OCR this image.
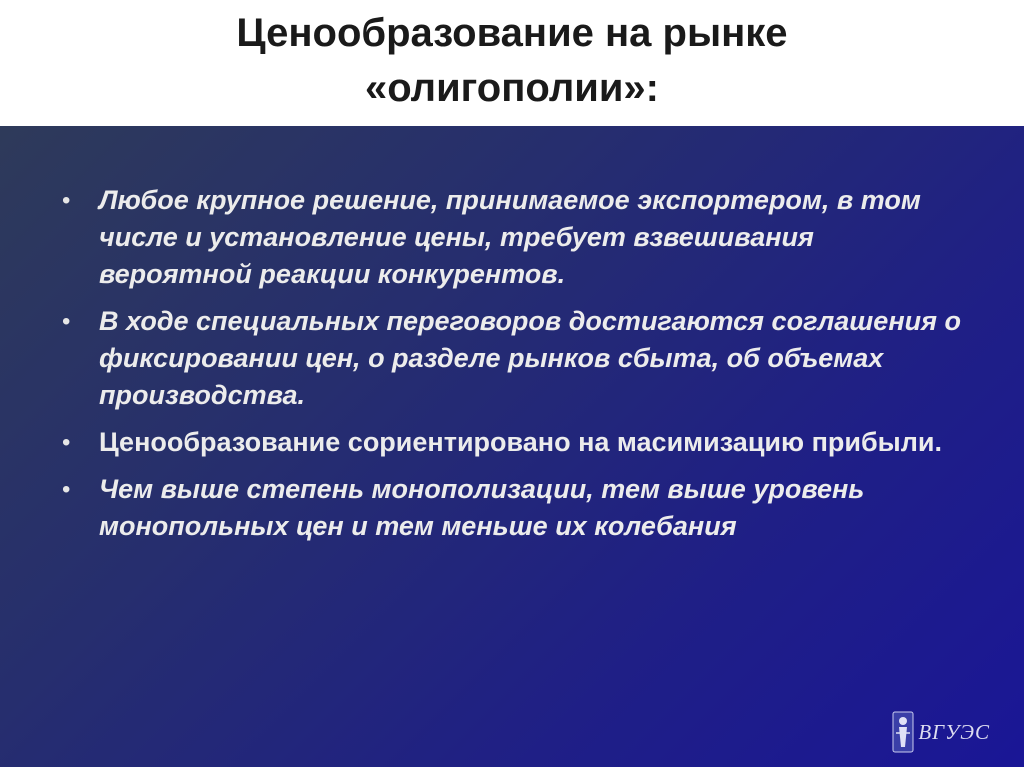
Ценообразование на рынке
«олигополии»:
• Любое крупное решение, принимаемое экспортером, в том числе и установление цены, требует взвешивания вероятной реакции конкурентов.
• В ходе специальных переговоров достигаются соглашения о фиксировании цен, о разделе рынков сбыта, об объемах производства.
• Ценообразование сориентировано на масимизацию прибыли.
• Чем выше степень монополизации, тем выше уровень монопольных цен и тем меньше их колебания
ВГУЭС
